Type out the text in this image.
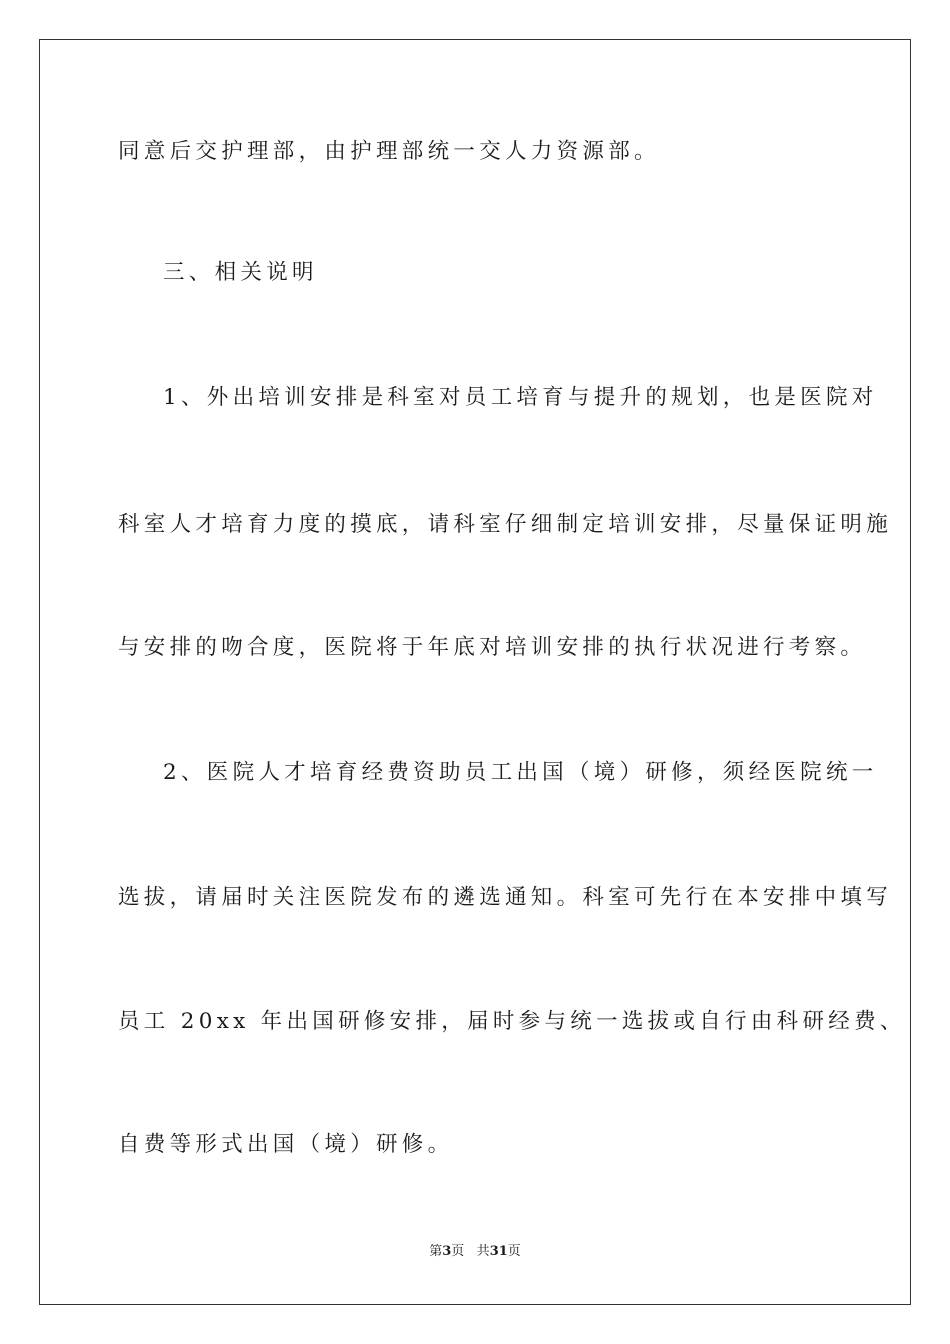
同意后交护理部，由护理部统一交人力资源部。
三、相关说明
1、外出培训安排是科室对员工培育与提升的规划，也是医院对
科室人才培育力度的摸底，请科室仔细制定培训安排，尽量保证明施
与安排的吻合度，医院将于年底对培训安排的执行状况进行考察。
2、医院人才培育经费资助员工出国（境）研修，须经医院统一
选拔，请届时关注医院发布的遴选通知。科室可先行在本安排中填写
员工 20xx 年出国研修安排，届时参与统一选拔或自行由科研经费、
自费等形式出国（境）研修。
第3页 共31页
